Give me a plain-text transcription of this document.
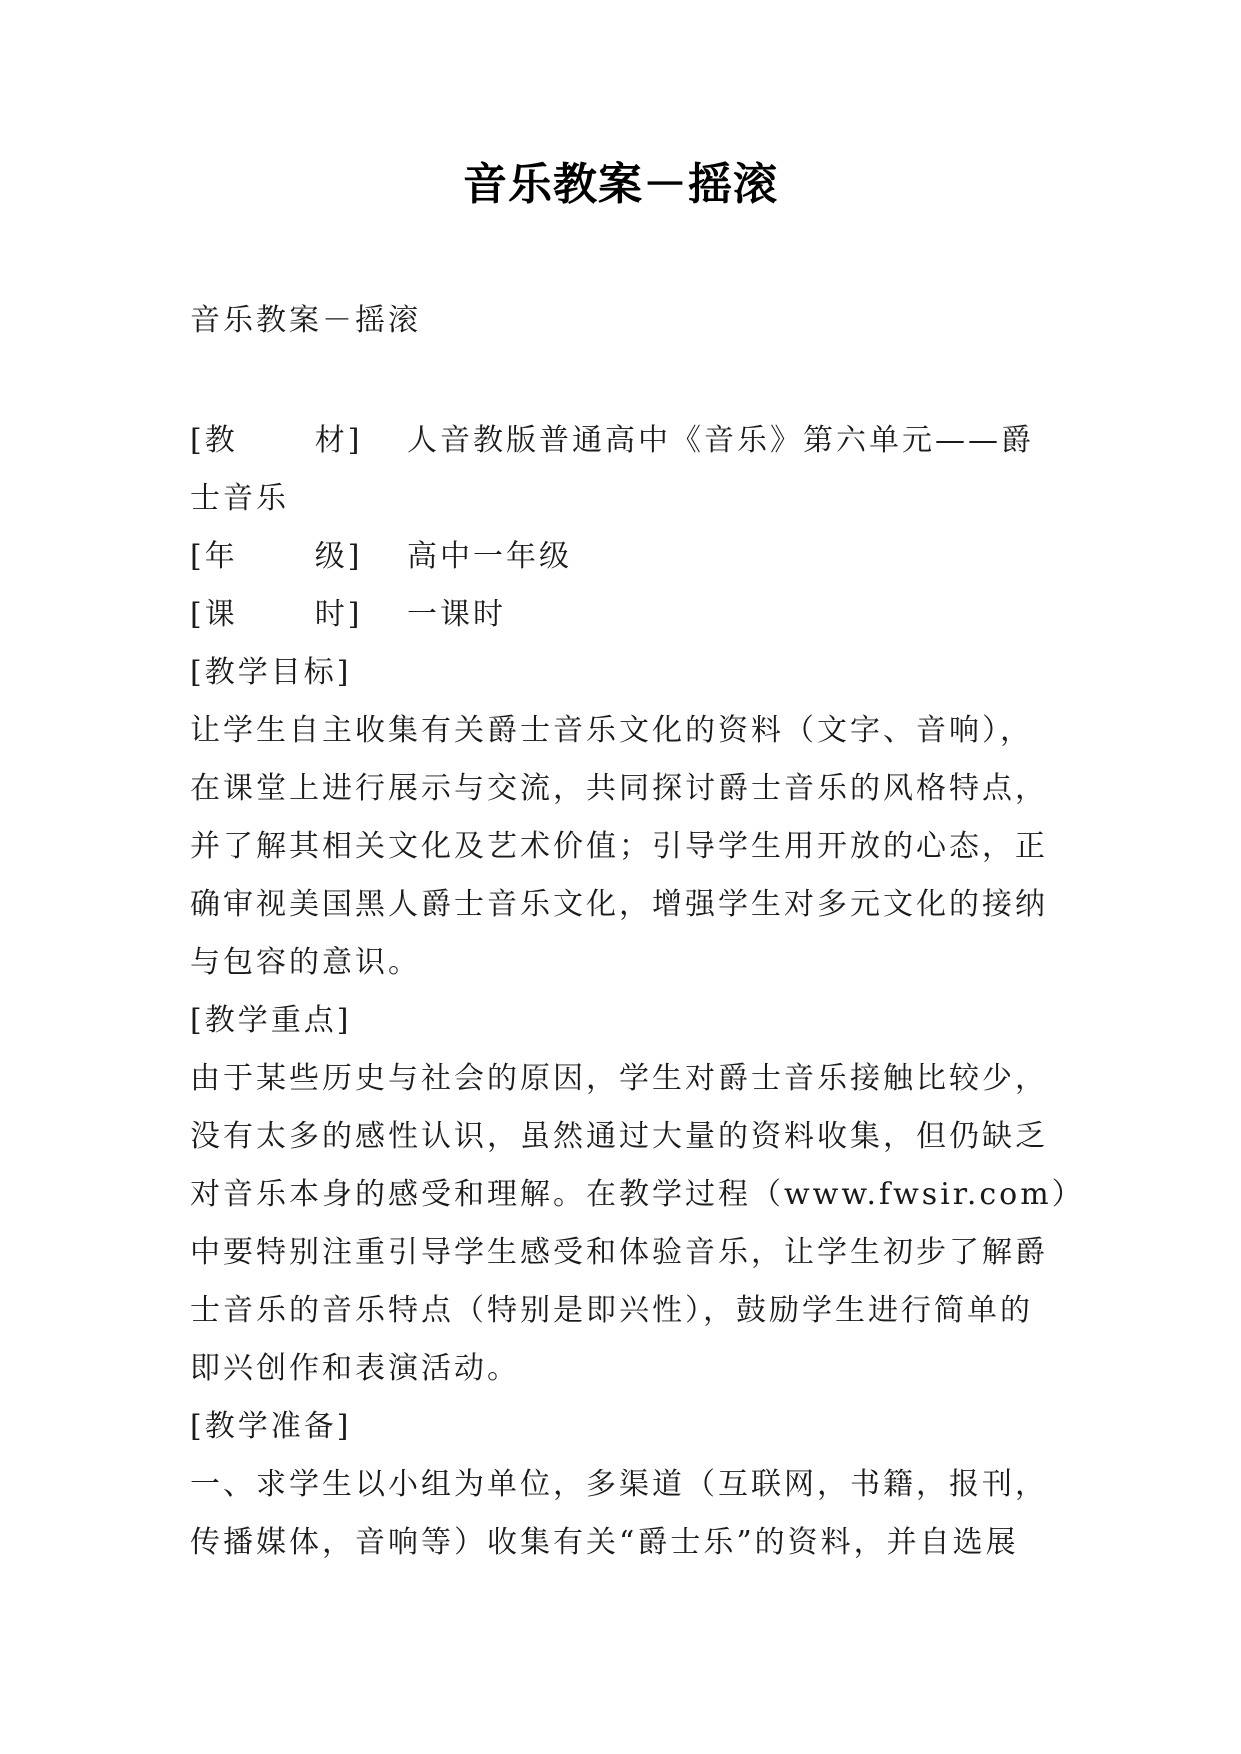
音乐教案－摇滚
音乐教案－摇滚
[教	材] 人音教版普通高中《音乐》第六单元——爵
士音乐
[年	级] 高中一年级
[课	时] 一课时
[教学目标]
让学生自主收集有关爵士音乐文化的资料（文字、音响），
在课堂上进行展示与交流，共同探讨爵士音乐的风格特点，
并了解其相关文化及艺术价值；引导学生用开放的心态，正
确审视美国黑人爵士音乐文化，增强学生对多元文化的接纳
与包容的意识。
[教学重点]
由于某些历史与社会的原因，学生对爵士音乐接触比较少，
没有太多的感性认识，虽然通过大量的资料收集，但仍缺乏
对音乐本身的感受和理解。在教学过程（www.fwsir.com）
中要特别注重引导学生感受和体验音乐，让学生初步了解爵
士音乐的音乐特点（特别是即兴性），鼓励学生进行简单的
即兴创作和表演活动。
[教学准备]
一、求学生以小组为单位，多渠道（互联网，书籍，报刊，
传播媒体，音响等）收集有关“爵士乐”的资料，并自选展
